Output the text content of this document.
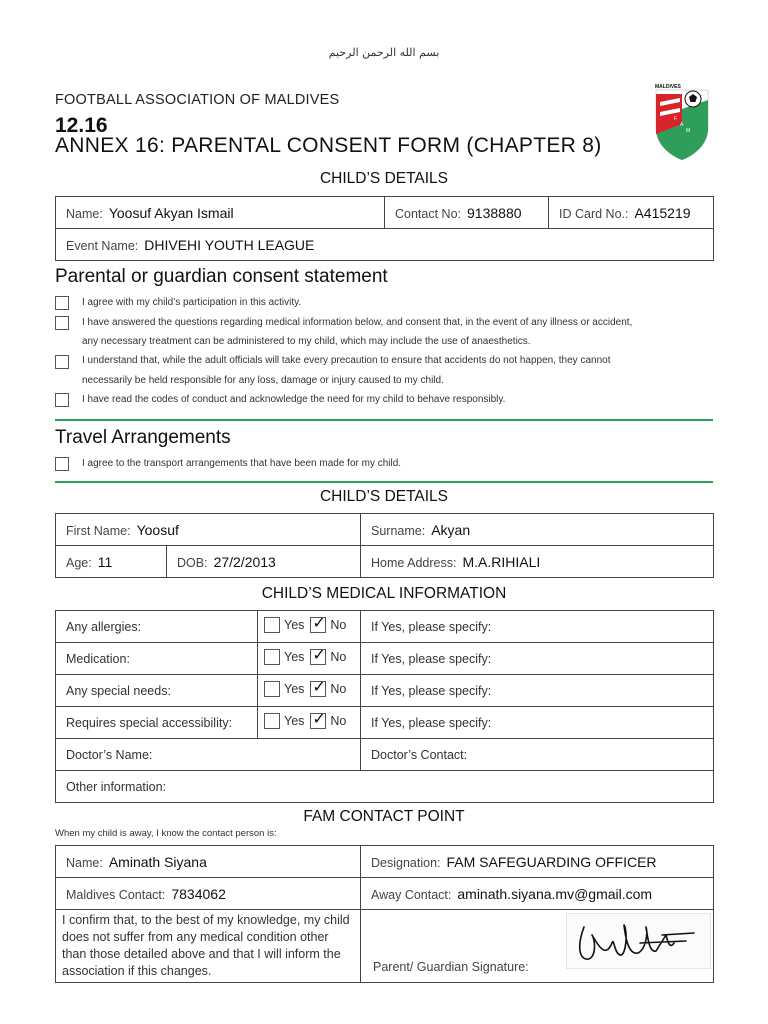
بسم الله الرحمن الرحيم
FOOTBALL ASSOCIATION OF MALDIVES
12.16
ANNEX 16: PARENTAL CONSENT FORM (CHAPTER 8)
MALDIVES
F
A
M
CHILD’S DETAILS
Name: Yoosuf Akyan Ismail	Contact No: 9138880	ID Card No.: A415219
Event Name: DHIVEHI YOUTH LEAGUE
Parental or guardian consent statement
I agree with my child’s participation in this activity.
I have answered the questions regarding medical information below, and consent that, in the event of any illness or accident,
any necessary treatment can be administered to my child, which may include the use of anaesthetics.
I understand that, while the adult officials will take every precaution to ensure that accidents do not happen, they cannot
necessarily be held responsible for any loss, damage or injury caused to my child.
I have read the codes of conduct and acknowledge the need for my child to behave responsibly.
Travel Arrangements
I agree to the transport arrangements that have been made for my child.
CHILD’S DETAILS
First Name: Yoosuf		Surname: Akyan
Age: 11	DOB: 27/2/2013	Home Address: M.A.RIHIALI
CHILD’S MEDICAL INFORMATION
Any allergies:	Yes ✓ No	If Yes, please specify:
Medication:	Yes ✓ No	If Yes, please specify:
Any special needs:	Yes ✓ No	If Yes, please specify:
Requires special accessibility:	Yes ✓ No	If Yes, please specify:
Doctor’s Name:		Doctor’s Contact:
Other information:		
FAM CONTACT POINT
When my child is away, I know the contact person is:
Name: Aminath Siyana	Designation: FAM SAFEGUARDING OFFICER
Maldives Contact: 7834062	Away Contact: aminath.siyana.mv@gmail.com
I confirm that, to the best of my knowledge, my child does not suffer from any medical condition other than those detailed above and that I will inform the association if this changes.	Parent/ Guardian Signature:
